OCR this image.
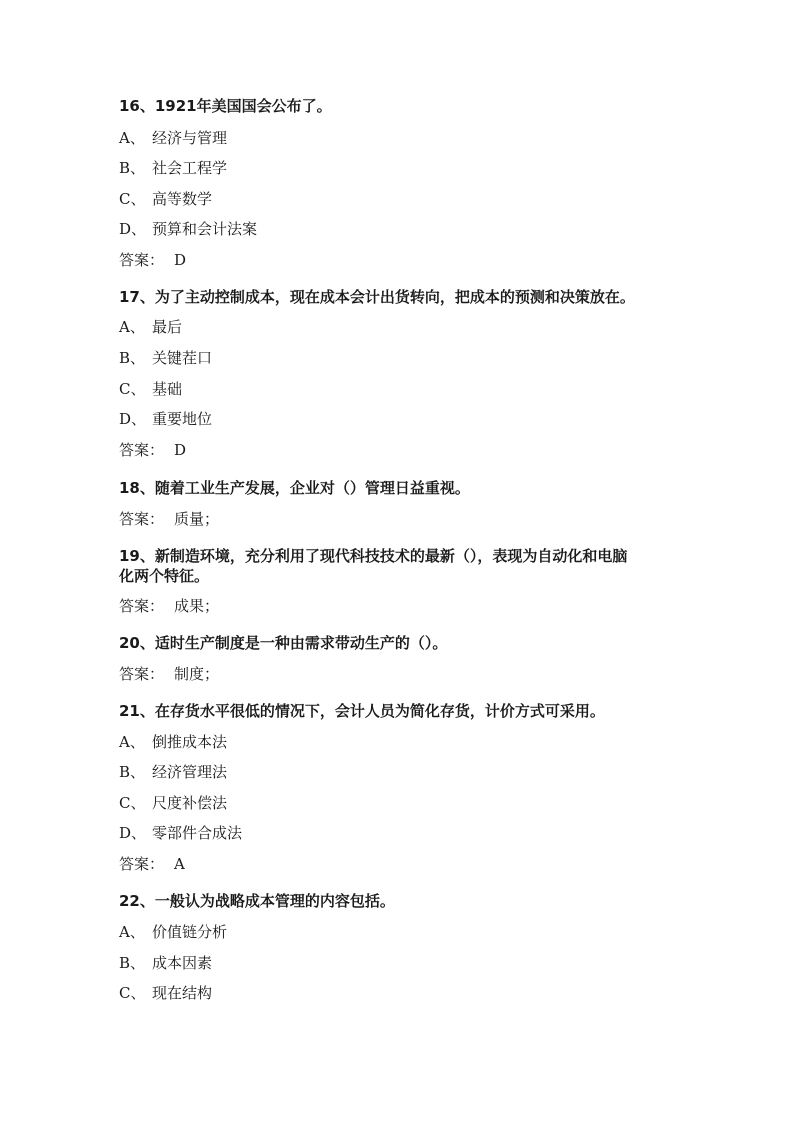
16、1921年美国国会公布了。
A、 经济与管理
B、 社会工程学
C、 高等数学
D、 预算和会计法案
答案： D
17、为了主动控制成本，现在成本会计出货转向，把成本的预测和决策放在。
A、 最后
B、 关键茬口
C、 基础
D、 重要地位
答案： D
18、随着工业生产发展，企业对（）管理日益重视。
答案： 质量；
19、新制造环境，充分利用了现代科技技术的最新（），表现为自动化和电脑
化两个特征。
答案： 成果；
20、适时生产制度是一种由需求带动生产的（）。
答案： 制度；
21、在存货水平很低的情况下，会计人员为简化存货，计价方式可采用。
A、 倒推成本法
B、 经济管理法
C、 尺度补偿法
D、 零部件合成法
答案： A
22、一般认为战略成本管理的内容包括。
A、 价值链分析
B、 成本因素
C、 现在结构
